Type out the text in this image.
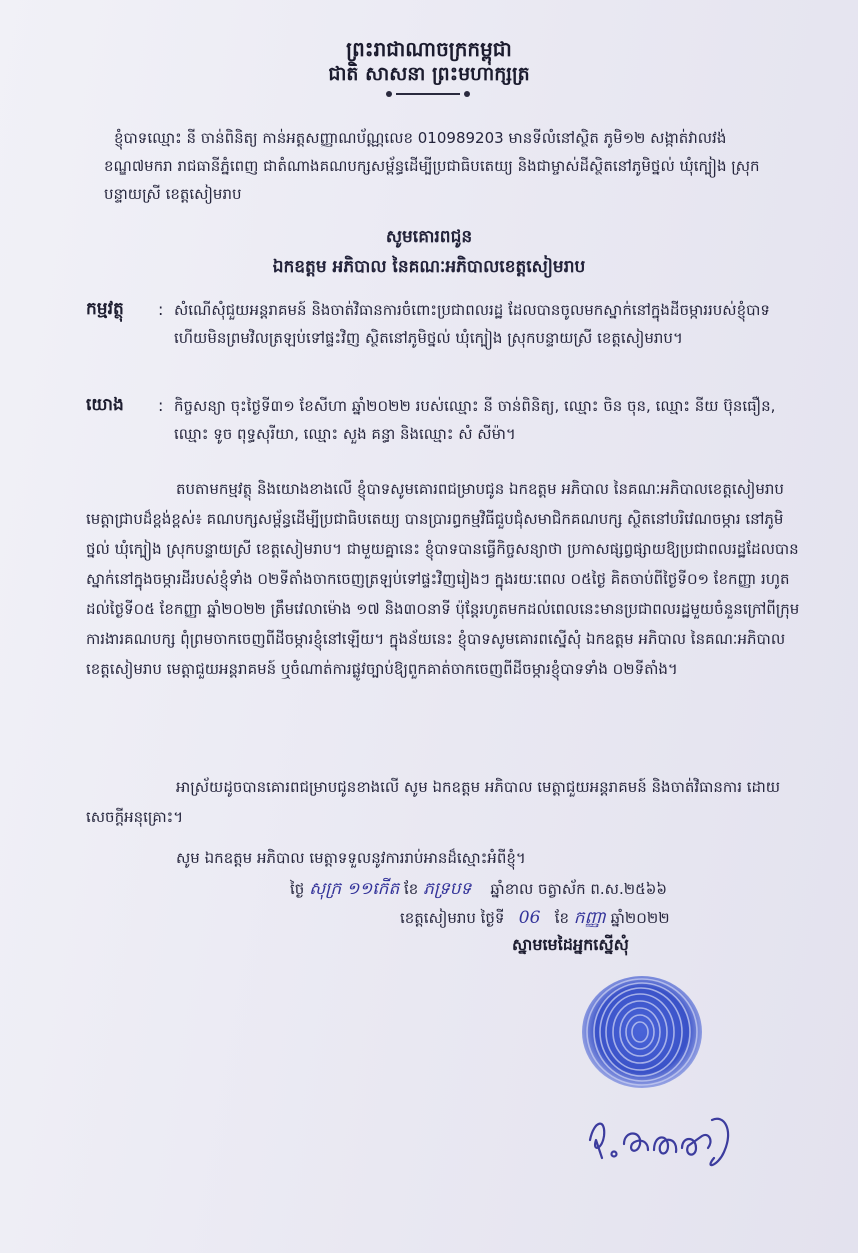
ព្រះរាជាណាចក្រកម្ពុជា
ជាតិ សាសនា ព្រះមហាក្សត្រ
ខ្ញុំបាទឈ្មោះ នី ចាន់ពិនិត្យ កាន់អត្តសញ្ញាណប័ណ្ណលេខ 010989203 មានទីលំនៅស្ថិត ភូមិ១២ សង្កាត់វាលវង់ ខណ្ឌ៧មករា រាជធានីភ្នំពេញ ជាតំណាងគណបក្សសម្ព័ន្ធដើម្បីប្រជាធិបតេយ្យ និងជាម្ចាស់ដីស្ថិតនៅភូមិថ្នល់ ឃុំក្បៀង ស្រុកបន្ទាយស្រី ខេត្តសៀមរាប
សូមគោរពជូន
ឯកឧត្តម អភិបាល នៃគណៈអភិបាលខេត្តសៀមរាប
កម្មវត្ថុ : សំណើសុំជួយអន្តរាគមន៍ និងចាត់វិធានការចំពោះប្រជាពលរដ្ឋ ដែលបានចូលមកស្នាក់នៅក្នុងដីចម្ការរបស់ខ្ញុំបាទ ហើយមិនព្រមវិលត្រឡប់ទៅផ្ទះវិញ ស្ថិតនៅភូមិថ្នល់ ឃុំក្បៀង ស្រុកបន្ទាយស្រី ខេត្តសៀមរាប។
យោង : កិច្ចសន្យា ចុះថ្ងៃទី៣១ ខែសីហា ឆ្នាំ២០២២ របស់ឈ្មោះ នី ចាន់ពិនិត្យ, ឈ្មោះ ចិន ចុន, ឈ្មោះ នីយ ប៊ុនធឿន, ឈ្មោះ ទូច ពុទ្ធសុរីយា, ឈ្មោះ សួង គន្ធា និងឈ្មោះ សំ សីម៉ា។
តបតាមកម្មវត្ថុ និងយោងខាងលើ ខ្ញុំបាទសូមគោរពជម្រាបជូន ឯកឧត្តម អភិបាល នៃគណៈអភិបាលខេត្តសៀមរាប មេត្តាជ្រាបដ៏ខ្ពង់ខ្ពស់៖ គណបក្សសម្ព័ន្ធដើម្បីប្រជាធិបតេយ្យ បានប្រារព្ធកម្មវិធីជួបជុំសមាជិកគណបក្ស ស្ថិតនៅបរិវេណចម្ការ នៅភូមិថ្នល់ ឃុំក្បៀង ស្រុកបន្ទាយស្រី ខេត្តសៀមរាប។ ជាមួយគ្នានេះ ខ្ញុំបាទបានធ្វើកិច្ចសន្យាថា ប្រកាសផ្សព្វផ្សាយឱ្យប្រជាពលរដ្ឋដែលបានស្នាក់នៅក្នុងចម្ការដីរបស់ខ្ញុំទាំង ០២ទីតាំងចាកចេញត្រឡប់ទៅផ្ទះវិញរៀងៗ ក្នុងរយៈពេល ០៥ថ្ងៃ គិតចាប់ពីថ្ងៃទី០១ ខែកញ្ញា រហូតដល់ថ្ងៃទី០៥ ខែកញ្ញា ឆ្នាំ២០២២ ត្រឹមវេលាម៉ោង ១៧ និង៣០នាទី ប៉ុន្តែរហូតមកដល់ពេលនេះមានប្រជាពលរដ្ឋមួយចំនួនក្រៅពីក្រុមការងារគណបក្ស ពុំព្រមចាកចេញពីដីចម្ការខ្ញុំនៅឡើយ។ ក្នុងន័យនេះ ខ្ញុំបាទសូមគោរពស្នើសុំ ឯកឧត្តម អភិបាល នៃគណៈអភិបាលខេត្តសៀមរាប មេត្តាជួយអន្តរាគមន៍ ឬចំណាត់ការផ្លូវច្បាប់ឱ្យពួកគាត់ចាកចេញពីដីចម្ការខ្ញុំបាទទាំង ០២ទីតាំង។
អាស្រ័យដូចបានគោរពជម្រាបជូនខាងលើ សូម ឯកឧត្តម អភិបាល មេត្តាជួយអន្តរាគមន៍ និងចាត់វិធានការ ដោយសេចក្តីអនុគ្រោះ។
សូម ឯកឧត្តម អភិបាល មេត្តាទទួលនូវការរាប់អានដ៏ស្មោះអំពីខ្ញុំ។
ថ្ងៃ សុក្រ ១១កើត ខែ ភទ្របទ ឆ្នាំខាល ចត្វាស័ក ព.ស.២៥៦៦
ខេត្តសៀមរាប ថ្ងៃទី 06 ខែ កញ្ញា ឆ្នាំ២០២២
ស្នាមមេដៃអ្នកស្នើសុំ
